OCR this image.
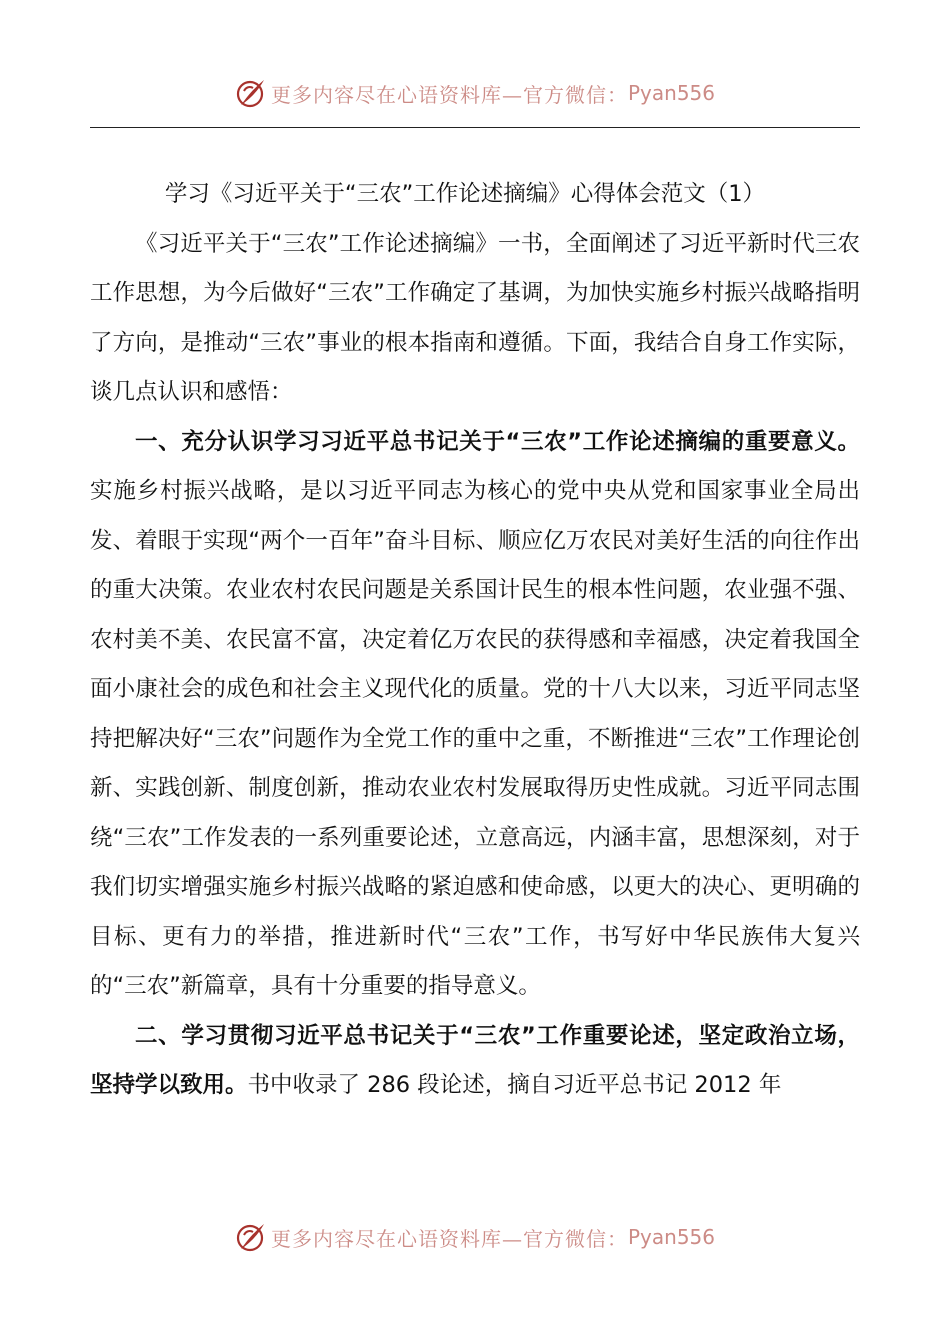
更多内容尽在心语资料库—官方微信： Pyan556

学习《习近平关于“三农”工作论述摘编》心得体会范文（1）

《习近平关于“三农”工作论述摘编》一书，全面阐述了习近平新时代三农工作思想，为今后做好“三农”工作确定了基调，为加快实施乡村振兴战略指明了方向，是推动“三农”事业的根本指南和遵循。下面，我结合自身工作实际，谈几点认识和感悟：

一、充分认识学习习近平总书记关于“三农”工作论述摘编的重要意义。实施乡村振兴战略，是以习近平同志为核心的党中央从党和国家事业全局出发、着眼于实现“两个一百年”奋斗目标、顺应亿万农民对美好生活的向往作出的重大决策。农业农村农民问题是关系国计民生的根本性问题，农业强不强、农村美不美、农民富不富，决定着亿万农民的获得感和幸福感，决定着我国全面小康社会的成色和社会主义现代化的质量。党的十八大以来，习近平同志坚持把解决好“三农”问题作为全党工作的重中之重，不断推进“三农”工作理论创新、实践创新、制度创新，推动农业农村发展取得历史性成就。习近平同志围绕“三农”工作发表的一系列重要论述，立意高远，内涵丰富，思想深刻，对于我们切实增强实施乡村振兴战略的紧迫感和使命感，以更大的决心、更明确的目标、更有力的举措，推进新时代“三农”工作，书写好中华民族伟大复兴的“三农”新篇章，具有十分重要的指导意义。

二、学习贯彻习近平总书记关于“三农”工作重要论述，坚定政治立场，坚持学以致用。书中收录了 286 段论述，摘自习近平总书记 2012 年

更多内容尽在心语资料库—官方微信： Pyan556
